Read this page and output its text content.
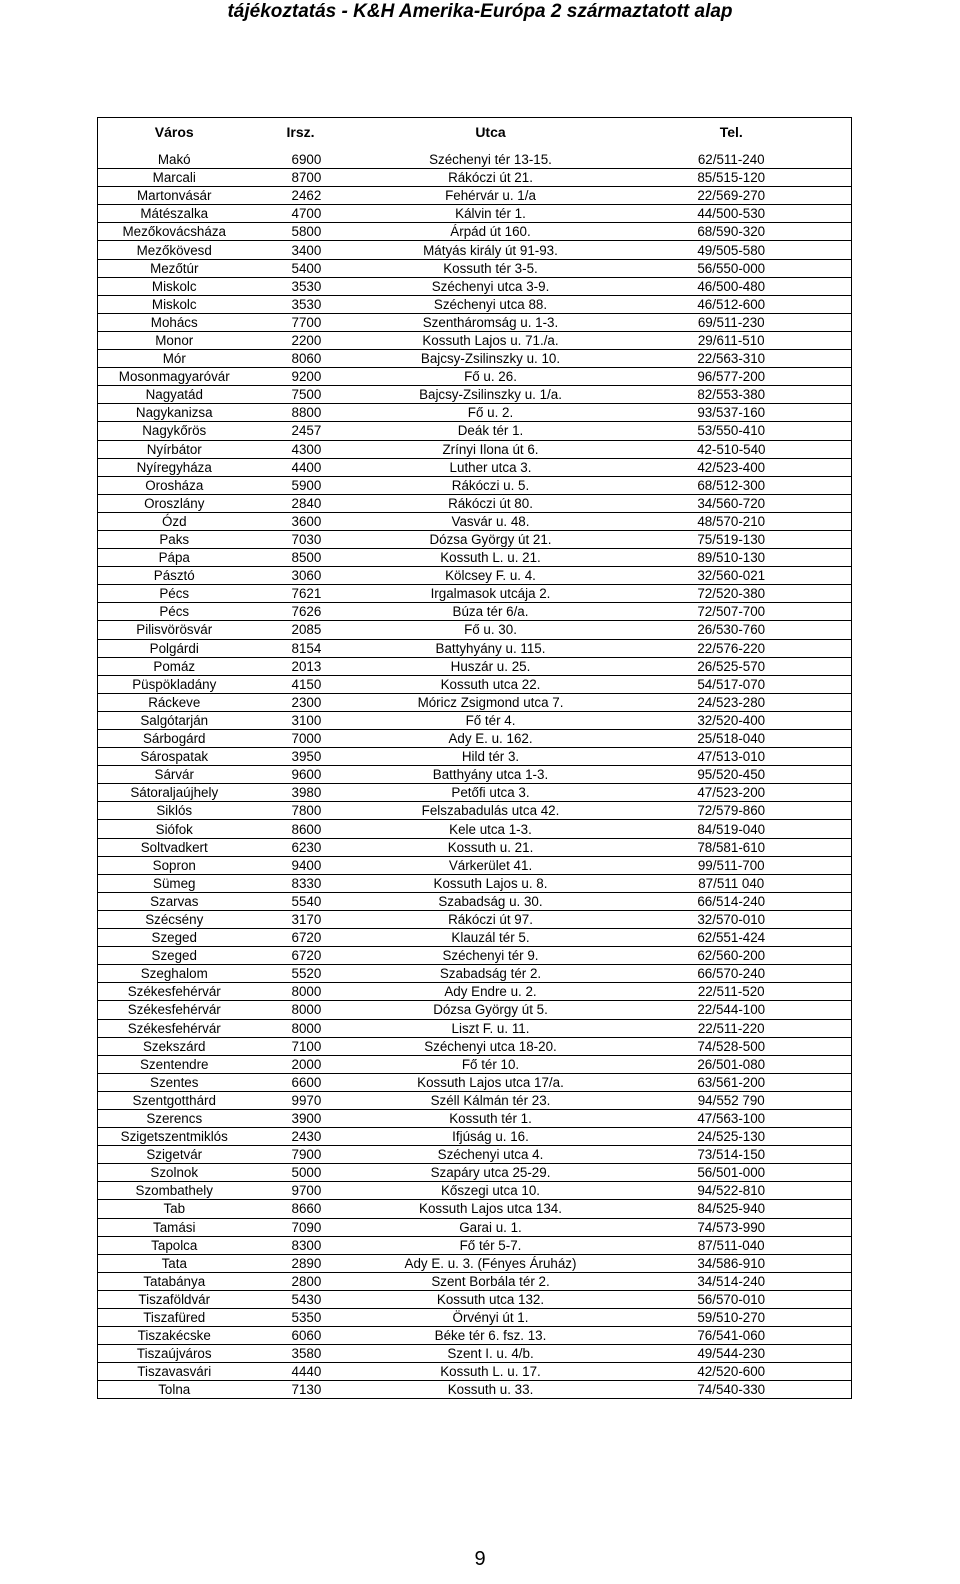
tájékoztatás - K&H Amerika-Európa 2 származtatott alap
Város	Irsz.	Utca	Tel.

Makó	6900	Széchenyi tér 13-15.	62/511-240
Marcali	8700	Rákóczi út 21.	85/515-120
Martonvásár	2462	Fehérvár u. 1/a	22/569-270
Mátészalka	4700	Kálvin tér 1.	44/500-530
Mezőkovácsháza	5800	Árpád út 160.	68/590-320
Mezőkövesd	3400	Mátyás király út 91-93.	49/505-580
Mezőtúr	5400	Kossuth tér 3-5.	56/550-000
Miskolc	3530	Széchenyi utca 3-9.	46/500-480
Miskolc	3530	Széchenyi utca 88.	46/512-600
Mohács	7700	Szentháromság u. 1-3.	69/511-230
Monor	2200	Kossuth Lajos u. 71./a.	29/611-510
Mór	8060	Bajcsy-Zsilinszky u. 10.	22/563-310
Mosonmagyaróvár	9200	Fő u. 26.	96/577-200
Nagyatád	7500	Bajcsy-Zsilinszky u. 1/a.	82/553-380
Nagykanizsa	8800	Fő u. 2.	93/537-160
Nagykőrös	2457	Deák tér 1.	53/550-410
Nyírbátor	4300	Zrínyi Ilona út 6.	42-510-540
Nyíregyháza	4400	Luther utca 3.	42/523-400
Orosháza	5900	Rákóczi u. 5.	68/512-300
Oroszlány	2840	Rákóczi út 80.	34/560-720
Ózd	3600	Vasvár u. 48.	48/570-210
Paks	7030	Dózsa György út 21.	75/519-130
Pápa	8500	Kossuth L. u. 21.	89/510-130
Pásztó	3060	Kölcsey F. u. 4.	32/560-021
Pécs	7621	Irgalmasok utcája 2.	72/520-380
Pécs	7626	Búza tér 6/a.	72/507-700
Pilisvörösvár	2085	Fő u. 30.	26/530-760
Polgárdi	8154	Battyhyány u. 115.	22/576-220
Pomáz	2013	Huszár u. 25.	26/525-570
Püspökladány	4150	Kossuth utca 22.	54/517-070
Ráckeve	2300	Móricz Zsigmond utca 7.	24/523-280
Salgótarján	3100	Fő tér 4.	32/520-400
Sárbogárd	7000	Ady E. u. 162.	25/518-040
Sárospatak	3950	Hild tér 3.	47/513-010
Sárvár	9600	Batthyány utca 1-3.	95/520-450
Sátoraljaújhely	3980	Petőfi utca 3.	47/523-200
Siklós	7800	Felszabadulás utca 42.	72/579-860
Siófok	8600	Kele utca 1-3.	84/519-040
Soltvadkert	6230	Kossuth u. 21.	78/581-610
Sopron	9400	Várkerület 41.	99/511-700
Sümeg	8330	Kossuth Lajos u. 8.	87/511 040
Szarvas	5540	Szabadság u. 30.	66/514-240
Szécsény	3170	Rákóczi út 97.	32/570-010
Szeged	6720	Klauzál tér 5.	62/551-424
Szeged	6720	Széchenyi tér 9.	62/560-200
Szeghalom	5520	Szabadság tér 2.	66/570-240
Székesfehérvár	8000	Ady Endre u. 2.	22/511-520
Székesfehérvár	8000	Dózsa György út 5.	22/544-100
Székesfehérvár	8000	Liszt F. u. 11.	22/511-220
Szekszárd	7100	Széchenyi utca 18-20.	74/528-500
Szentendre	2000	Fő tér 10.	26/501-080
Szentes	6600	Kossuth Lajos utca 17/a.	63/561-200
Szentgotthárd	9970	Széll Kálmán tér 23.	94/552 790
Szerencs	3900	Kossuth tér 1.	47/563-100
Szigetszentmiklós	2430	Ifjúság u. 16.	24/525-130
Szigetvár	7900	Széchenyi utca 4.	73/514-150
Szolnok	5000	Szapáry utca 25-29.	56/501-000
Szombathely	9700	Kőszegi utca 10.	94/522-810
Tab	8660	Kossuth Lajos utca 134.	84/525-940
Tamási	7090	Garai u. 1.	74/573-990
Tapolca	8300	Fő tér 5-7.	87/511-040
Tata	2890	Ady E. u. 3. (Fényes Áruház)	34/586-910
Tatabánya	2800	Szent Borbála tér 2.	34/514-240
Tiszaföldvár	5430	Kossuth utca 132.	56/570-010
Tiszafüred	5350	Örvényi út 1.	59/510-270
Tiszakécske	6060	Béke tér 6. fsz. 13.	76/541-060
Tiszaújváros	3580	Szent I. u. 4/b.	49/544-230
Tiszavasvári	4440	Kossuth L. u. 17.	42/520-600
Tolna	7130	Kossuth u. 33.	74/540-330
9
